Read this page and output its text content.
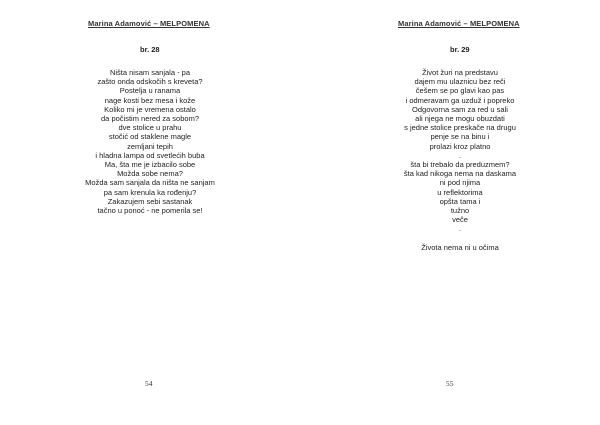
Marina Adamović – MELPOMENA
br. 28
Ništa nisam sanjala - pa
zašto onda odskočih s kreveta?
Postelja u ranama
nage kosti bez mesa i kože
Koliko mi je vremena ostalo
da počistim nered za sobom?
dve stolice u prahu
stočić od staklene magle
zemljani tepih
i hladna lampa od svetlećih buba
Ma, šta me je izbacilo sobe
Možda sobe nema?
Možda sam sanjala da ništa ne sanjam
pa sam krenula ka rođenju?
Zakazujem sebi sastanak
tačno u ponoć - ne pomerila se!
54
Marina Adamović – MELPOMENA
br. 29
Život žuri na predstavu
dajem mu ulaznicu bez reči
češem se po glavi kao pas
i odmeravam ga uzduž i popreko
Odgovorna sam za red u sali
ali njega ne mogu obuzdati
s jedne stolice preskače na drugu
penje se na binu i
prolazi kroz platno
.
šta bi trebalo da preduzmem?
šta kad nikoga nema na daskama
ni pod njima
u reflektorima
opšta tama i
tužno
veče
.
Života nema ni u očima
55
